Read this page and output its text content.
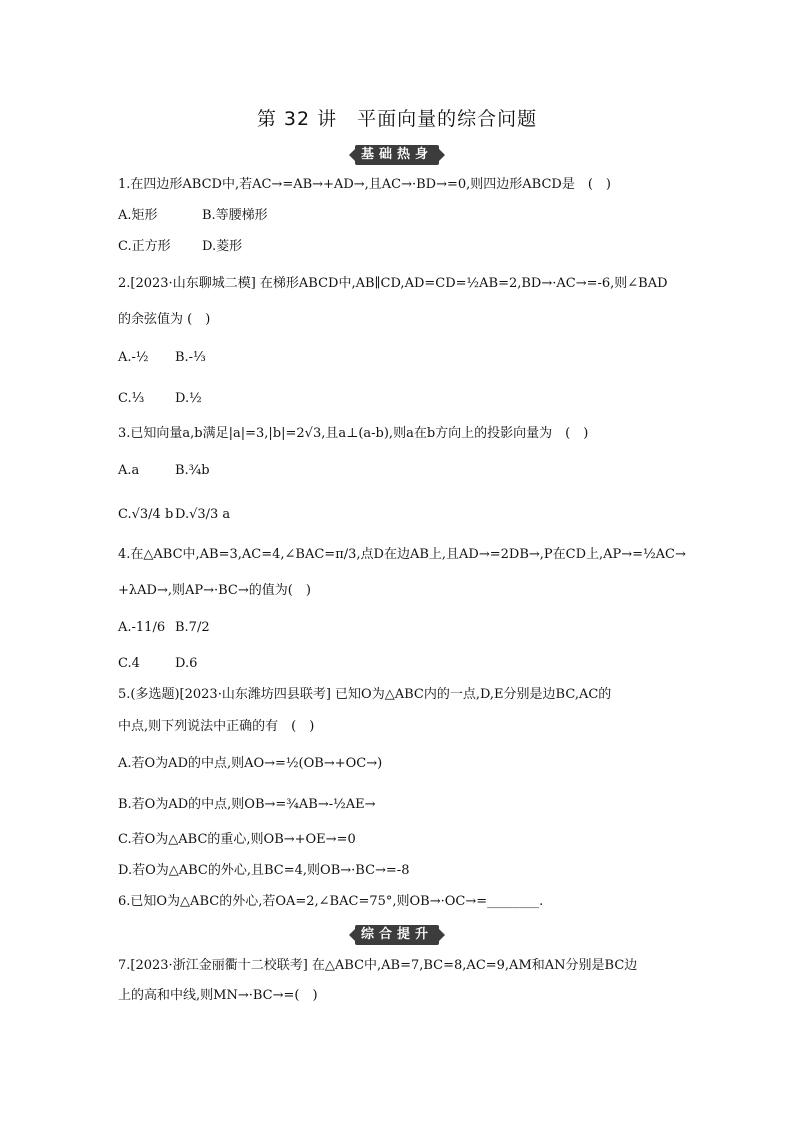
第 32 讲　平面向量的综合问题
基础热身
1.在四边形ABCD中,若AC→=AB→+AD→,且AC→·BD→=0,则四边形ABCD是　(　)
A.矩形	B.等腰梯形
C.正方形 D.菱形
2.[2023·山东聊城二模] 在梯形ABCD中,AB∥CD,AD=CD=½AB=2,BD→·AC→=-6,则∠BAD
的余弦值为 (　)
A.-½ B.-⅓
C.⅓ D.½
3.已知向量a,b满足|a|=3,|b|=2√3,且a⊥(a-b),则a在b方向上的投影向量为　(　)
A.a	B.¾b
C.√3/4 b D.√3/3 a
4.在△ABC中,AB=3,AC=4,∠BAC=π/3,点D在边AB上,且AD→=2DB→,P在CD上,AP→=½AC→
+λAD→,则AP→·BC→的值为(　)
A.-11/6 B.7/2
C.4	D.6
5.(多选题)[2023·山东潍坊四县联考] 已知O为△ABC内的一点,D,E分别是边BC,AC的
中点,则下列说法中正确的有　(　)
A.若O为AD的中点,则AO→=½(OB→+OC→)
B.若O为AD的中点,则OB→=¾AB→-½AE→
C.若O为△ABC的重心,则OB→+OE→=0
D.若O为△ABC的外心,且BC=4,则OB→·BC→=-8
6.已知O为△ABC的外心,若OA=2,∠BAC=75°,则OB→·OC→=________.
综合提升
7.[2023·浙江金丽衢十二校联考] 在△ABC中,AB=7,BC=8,AC=9,AM和AN分别是BC边
上的高和中线,则MN→·BC→=(　)
